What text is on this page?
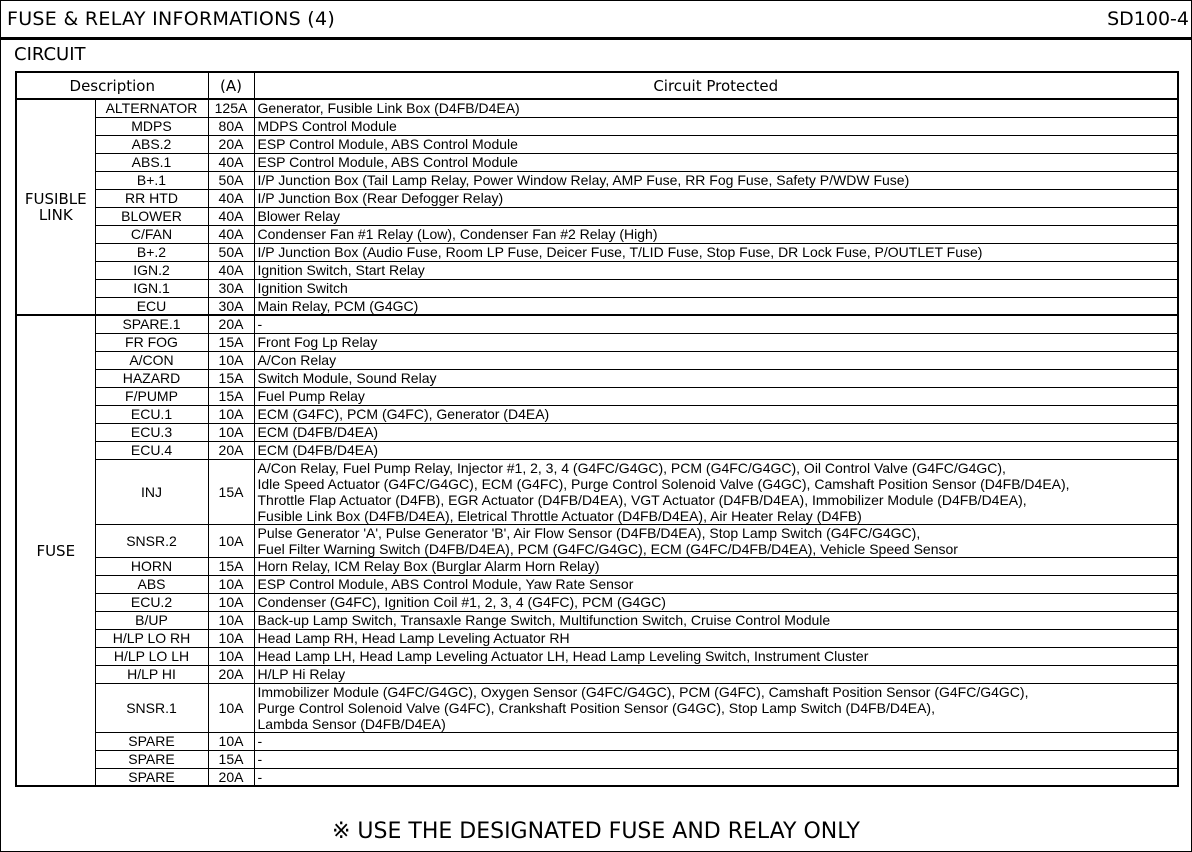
FUSE & RELAY INFORMATIONS (4)	SD100-4
CIRCUIT
Description		(A)	Circuit Protected

FUSIBLE
LINK	ALTERNATOR	125A	Generator, Fusible Link Box (D4FB/D4EA)

	MDPS	80A	MDPS Control Module

	ABS.2	20A	ESP Control Module, ABS Control Module

	ABS.1	40A	ESP Control Module, ABS Control Module

	B+.1	50A	I/P Junction Box (Tail Lamp Relay, Power Window Relay, AMP Fuse, RR Fog Fuse, Safety P/WDW Fuse)

	RR HTD	40A	I/P Junction Box (Rear Defogger Relay)

	BLOWER	40A	Blower Relay

	C/FAN	40A	Condenser Fan #1 Relay (Low), Condenser Fan #2 Relay (High)

	B+.2	50A	I/P Junction Box (Audio Fuse, Room LP Fuse, Deicer Fuse, T/LID Fuse, Stop Fuse, DR Lock Fuse, P/OUTLET Fuse)

	IGN.2	40A	Ignition Switch, Start Relay

	IGN.1	30A	Ignition Switch

	ECU	30A	Main Relay, PCM (G4GC)

FUSE	SPARE.1	20A	-

	FR FOG	15A	Front Fog Lp Relay

	A/CON	10A	A/Con Relay

	HAZARD	15A	Switch Module, Sound Relay

	F/PUMP	15A	Fuel Pump Relay

	ECU.1	10A	ECM (G4FC), PCM (G4FC), Generator (D4EA)

	ECU.3	10A	ECM (D4FB/D4EA)

	ECU.4	20A	ECM (D4FB/D4EA)

	INJ	15A	A/Con Relay, Fuel Pump Relay, Injector #1, 2, 3, 4 (G4FC/G4GC), PCM (G4FC/G4GC), Oil Control Valve (G4FC/G4GC),
Idle Speed Actuator (G4FC/G4GC), ECM (G4FC), Purge Control Solenoid Valve (G4GC), Camshaft Position Sensor (D4FB/D4EA),
Throttle Flap Actuator (D4FB), EGR Actuator (D4FB/D4EA), VGT Actuator (D4FB/D4EA), Immobilizer Module (D4FB/D4EA),
Fusible Link Box (D4FB/D4EA), Eletrical Throttle Actuator (D4FB/D4EA), Air Heater Relay (D4FB)

	SNSR.2	10A	Pulse Generator 'A', Pulse Generator 'B', Air Flow Sensor (D4FB/D4EA), Stop Lamp Switch (G4FC/G4GC),
Fuel Filter Warning Switch (D4FB/D4EA), PCM (G4FC/G4GC), ECM (G4FC/D4FB/D4EA), Vehicle Speed Sensor

	HORN	15A	Horn Relay, ICM Relay Box (Burglar Alarm Horn Relay)

	ABS	10A	ESP Control Module, ABS Control Module, Yaw Rate Sensor

	ECU.2	10A	Condenser (G4FC), Ignition Coil #1, 2, 3, 4 (G4FC), PCM (G4GC)

	B/UP	10A	Back-up Lamp Switch, Transaxle Range Switch, Multifunction Switch, Cruise Control Module

	H/LP LO RH	10A	Head Lamp RH, Head Lamp Leveling Actuator RH

	H/LP LO LH	10A	Head Lamp LH, Head Lamp Leveling Actuator LH, Head Lamp Leveling Switch, Instrument Cluster

	H/LP HI	20A	H/LP Hi Relay

	SNSR.1	10A	Immobilizer Module (G4FC/G4GC), Oxygen Sensor (G4FC/G4GC), PCM (G4FC), Camshaft Position Sensor (G4FC/G4GC),
Purge Control Solenoid Valve (G4FC), Crankshaft Position Sensor (G4GC), Stop Lamp Switch (D4FB/D4EA),
Lambda Sensor (D4FB/D4EA)

	SPARE	10A	-

	SPARE	15A	-

	SPARE	20A	-
※ USE THE DESIGNATED FUSE AND RELAY ONLY
